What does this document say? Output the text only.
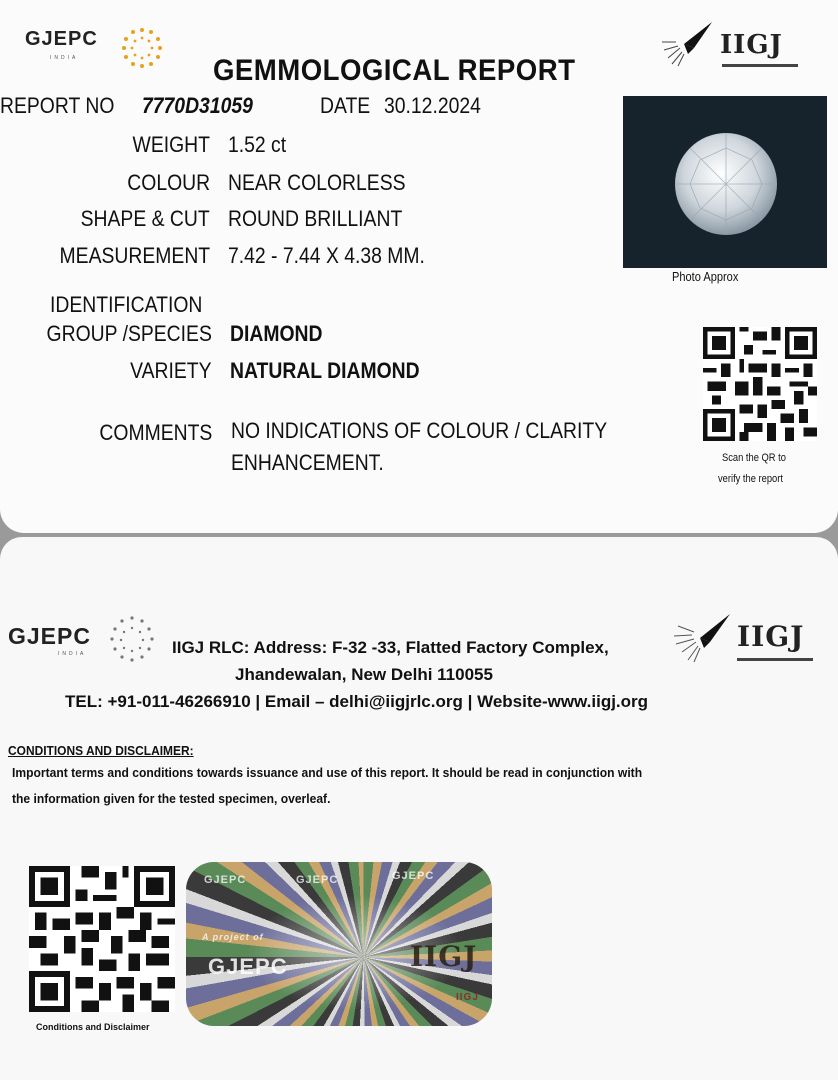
GJEPC
INDIA	IIGJ
GEMMOLOGICAL REPORT
REPORT NO 7770D31059	DATE 30.12.2024
WEIGHT 1.52 ct
COLOUR NEAR COLORLESS
SHAPE & CUT ROUND BRILLIANT
MEASUREMENT 7.42 - 7.44 X 4.38 MM.
IDENTIFICATION
GROUP /SPECIES DIAMOND
VARIETY NATURAL DIAMOND
COMMENTS NO INDICATIONS OF COLOUR / CLARITY
ENHANCEMENT.
Photo Approx
Scan the QR to
verify the report
GJEPC
INDIA
IIGJ
IIGJ RLC: Address: F-32 -33, Flatted Factory Complex,
Jhandewalan, New Delhi 110055
TEL: +91-011-46266910 | Email – delhi@iigjrlc.org | Website-www.iigj.org
CONDITIONS AND DISCLAIMER:
Important terms and conditions towards issuance and use of this report. It should be read in conjunction with
the information given for the tested specimen, overleaf.
Conditions and Disclaimer
GJEPC	GJEPC	GJEPC
A project of
GJEPC	IIGJ
IIGJ
